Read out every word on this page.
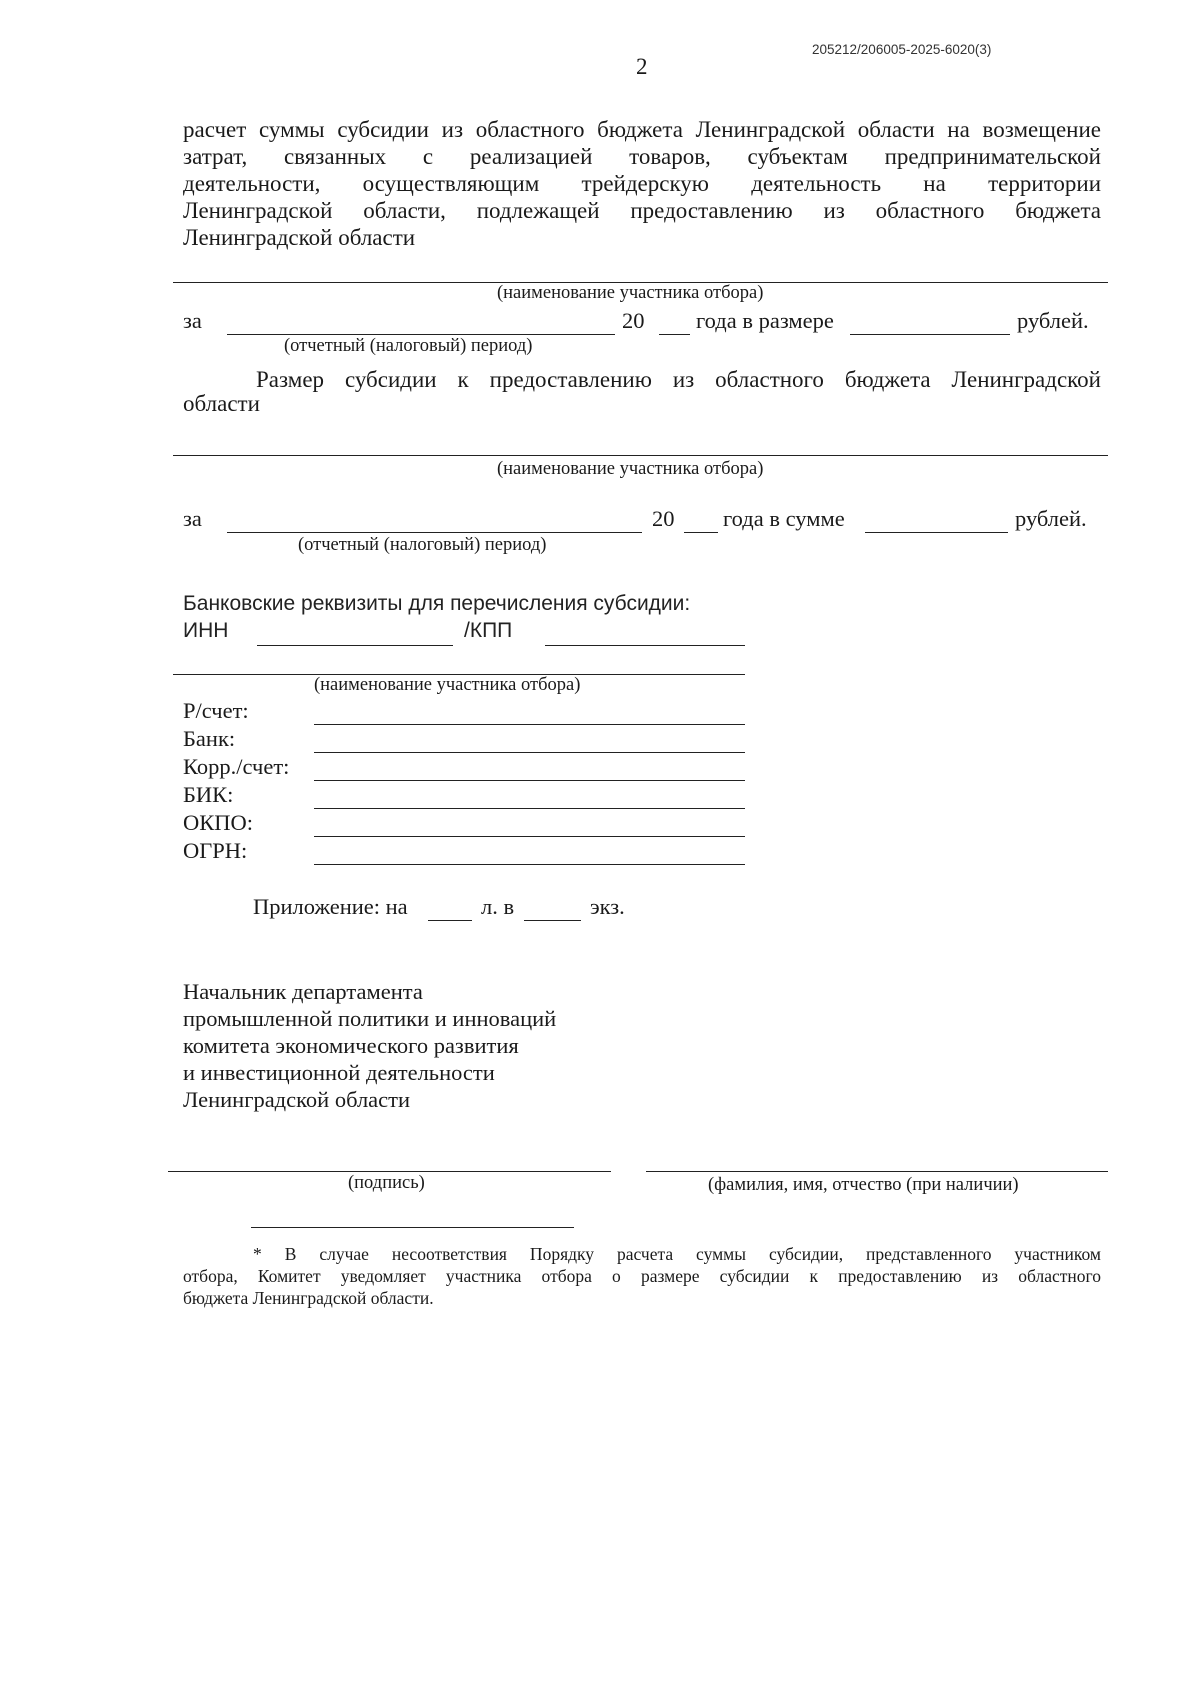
205212/206005-2025-6020(3)
2
расчет суммы субсидии из областного бюджета Ленинградской области на возмещение
затрат, связанных с реализацией товаров, субъектам предпринимательской
деятельности, осуществляющим трейдерскую деятельность на территории
Ленинградской области, подлежащей предоставлению из областного бюджета
Ленинградской области
(наименование участника отбора)
за	20 года в размере	рублей.
(отчетный (налоговый) период)
Размер субсидии к предоставлению из областного бюджета Ленинградской
области
(наименование участника отбора)
за	20 года в сумме	рублей.
(отчетный (налоговый) период)
Банковские реквизиты для перечисления субсидии:
ИНН	/КПП
(наименование участника отбора)
Р/счет:
Банк:
Корр./счет:
БИК:
ОКПО:
ОГРН:
Приложение: на	л. в	экз.
Начальник департамента
промышленной политики и инноваций
комитета экономического развития
и инвестиционной деятельности
Ленинградской области
(подпись)	(фамилия, имя, отчество (при наличии)
* В случае несоответствия Порядку расчета суммы субсидии, представленного участником
отбора, Комитет уведомляет участника отбора о размере субсидии к предоставлению из областного
бюджета Ленинградской области.
